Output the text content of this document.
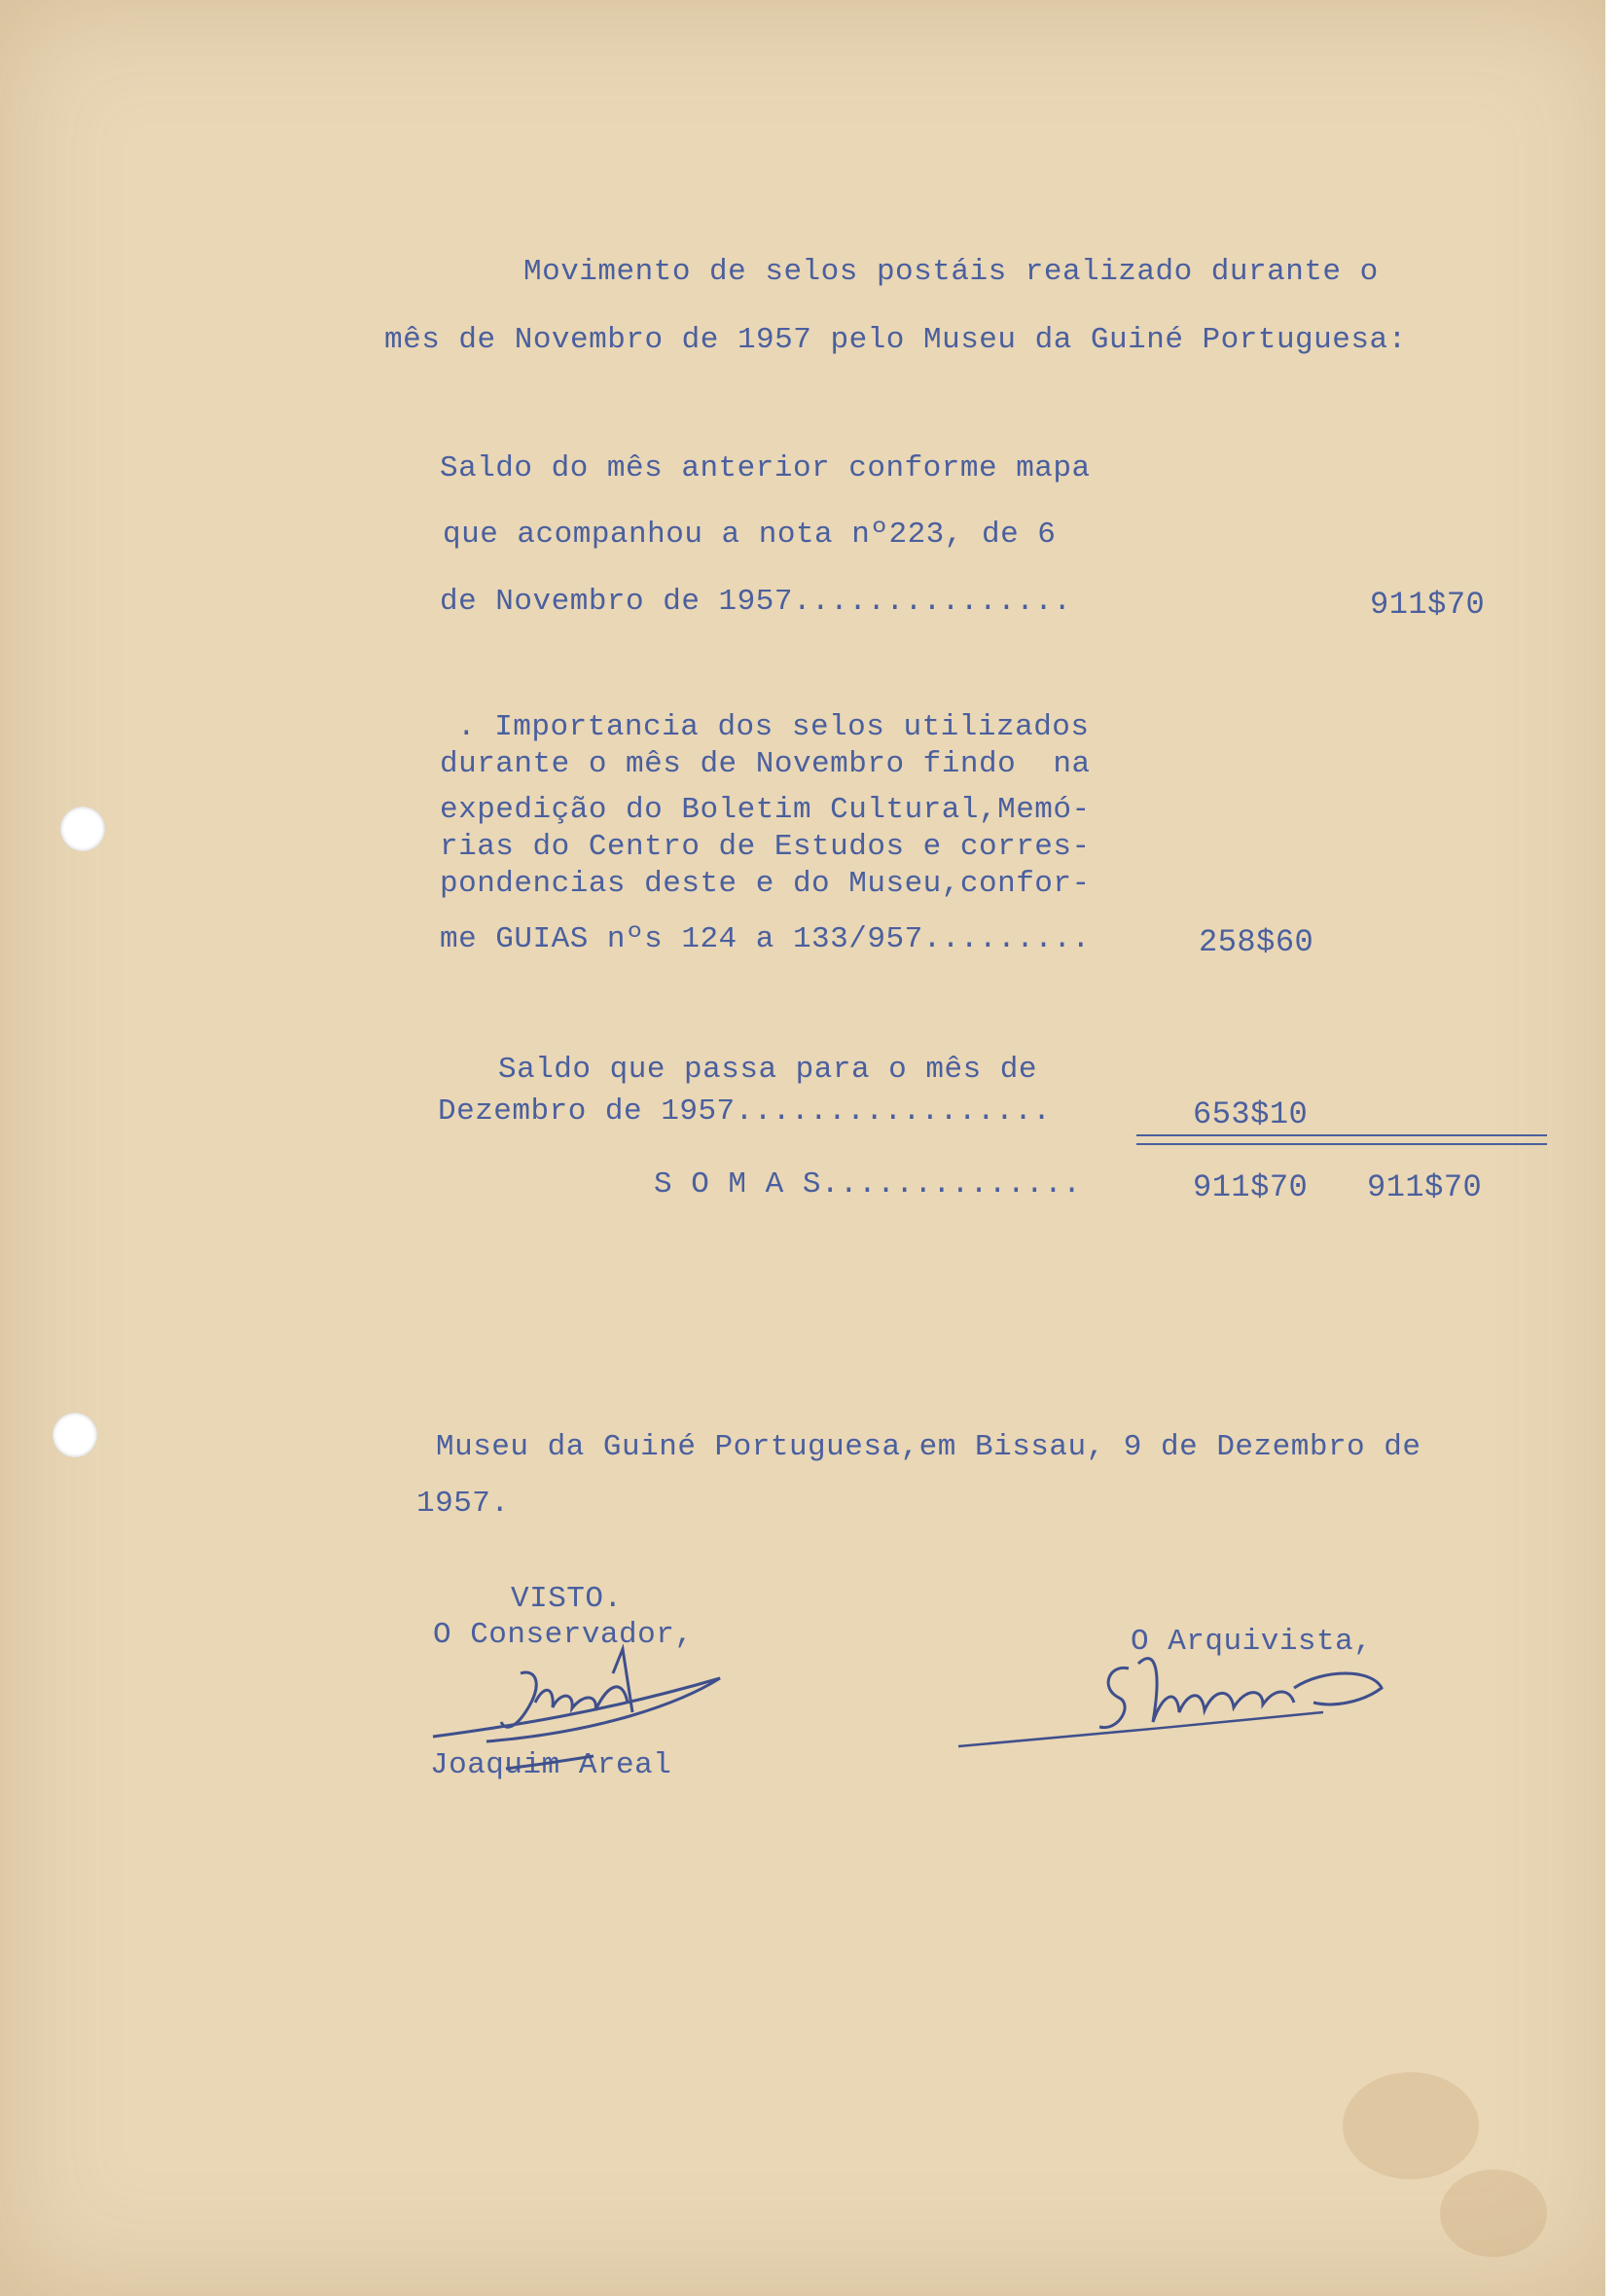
Movimento de selos postáis realizado durante o
mês de Novembro de 1957 pelo Museu da Guiné Portuguesa:
Saldo do mês anterior conforme mapa
que acompanhou a nota nº223, de 6
de Novembro de 1957...............	911$70
. Importancia dos selos utilizados
durante o mês de Novembro findo  na
expedição do Boletim Cultural,Memó-
rias do Centro de Estudos e corres-
pondencias deste e do Museu,confor-
me GUIAS nºs 124 a 133/957.........	258$60
Saldo que passa para o mês de
Dezembro de 1957.................	653$10
S O M A S..............	911$70 911$70
Museu da Guiné Portuguesa,em Bissau, 9 de Dezembro de
1957.
VISTO.
O Conservador,
Joaquim Areal
O Arquivista,
